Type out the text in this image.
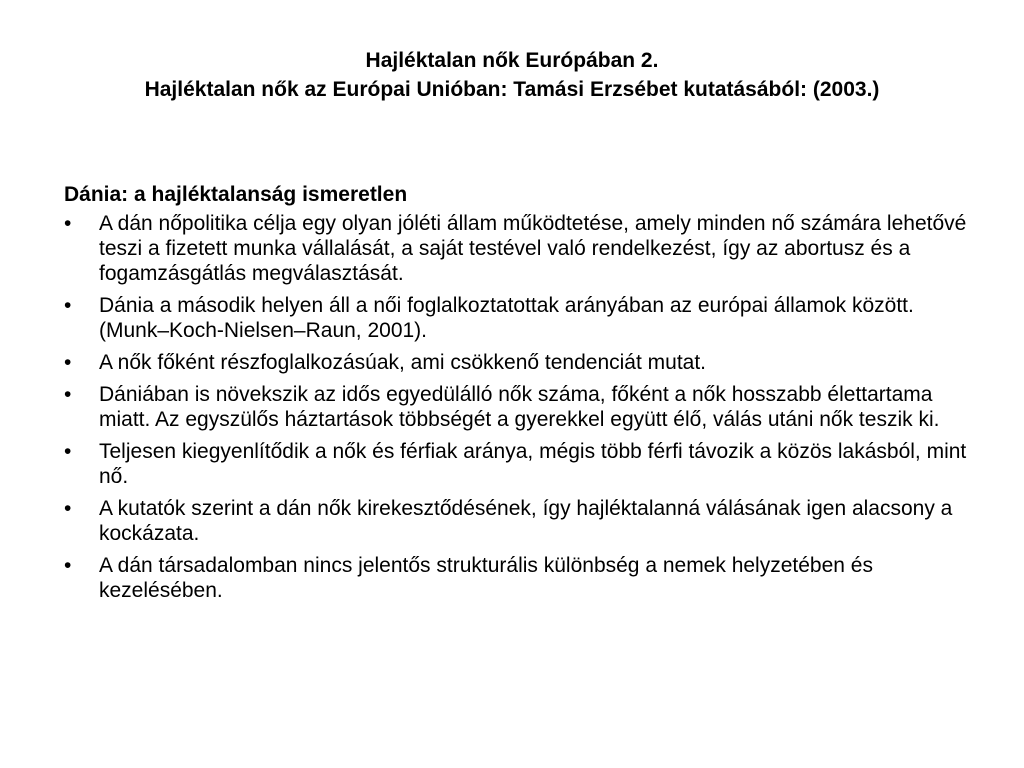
Hajléktalan nők Európában 2.
Hajléktalan nők az Európai Unióban: Tamási Erzsébet kutatásából: (2003.)
Dánia: a hajléktalanság ismeretlen
•	A dán nőpolitika célja egy olyan jóléti állam működtetése, amely minden nő számára lehetővé teszi a fizetett munka vállalását, a saját testével való rendelkezést, így az abortusz és a fogamzásgátlás megválasztását.
•	Dánia a második helyen áll a női foglalkoztatottak arányában az európai államok között. (Munk–Koch-Nielsen–Raun, 2001).
•	A nők főként részfoglalkozásúak, ami csökkenő tendenciát mutat.
•	Dániában is növekszik az idős egyedülálló nők száma, főként a nők hosszabb élettartama miatt. Az egyszülős háztartások többségét a gyerekkel együtt élő, válás utáni nők teszik ki.
•	Teljesen kiegyenlítődik a nők és férfiak aránya, mégis több férfi távozik a közös lakásból, mint nő.
•	A kutatók szerint a dán nők kirekesztődésének, így hajléktalanná válásának igen alacsony a kockázata.
•	A dán társadalomban nincs jelentős strukturális különbség a nemek helyzetében és kezelésében.
